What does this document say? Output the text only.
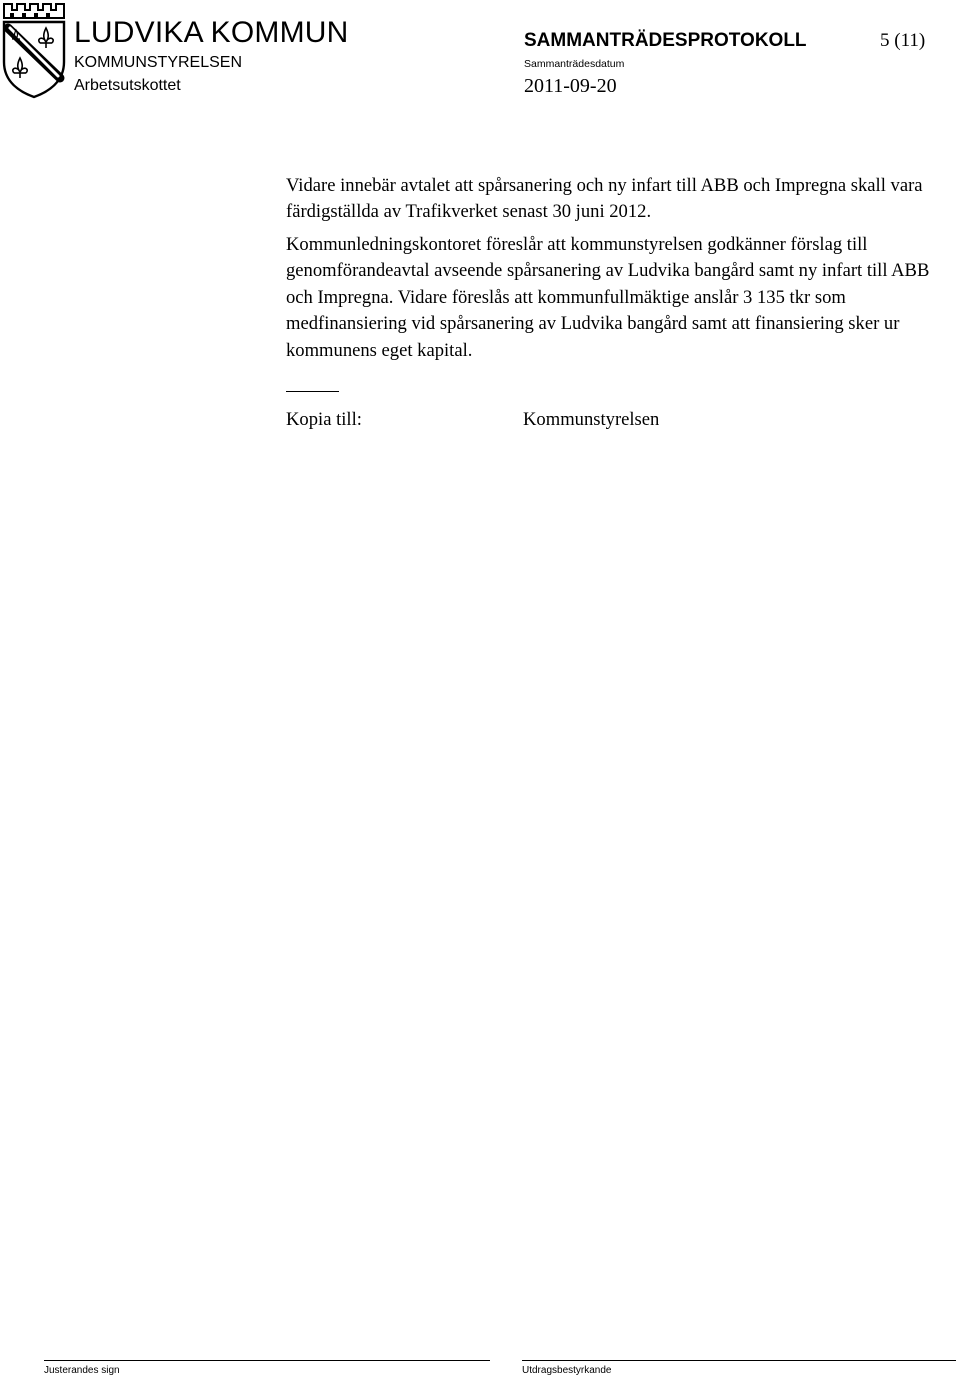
LUDVIKA KOMMUN
KOMMUNSTYRELSEN
Arbetsutskottet
SAMMANTRÄDESPROTOKOLL	5 (11)
Sammanträdesdatum
2011-09-20

Vidare innebär avtalet att spårsanering och ny infart till ABB och Impregna skall vara färdigställda av Trafikverket senast 30 juni 2012.

Kommunledningskontoret föreslår att kommunstyrelsen godkänner förslag till genomförandeavtal avseende spårsanering av Ludvika bangård samt ny infart till ABB och Impregna. Vidare föreslås att kommunfullmäktige anslår 3 135 tkr som medfinansiering vid spårsanering av Ludvika bangård samt att finansiering sker ur kommunens eget kapital.

Kopia till:	Kommunstyrelsen
Justerandes sign	Utdragsbestyrkande
